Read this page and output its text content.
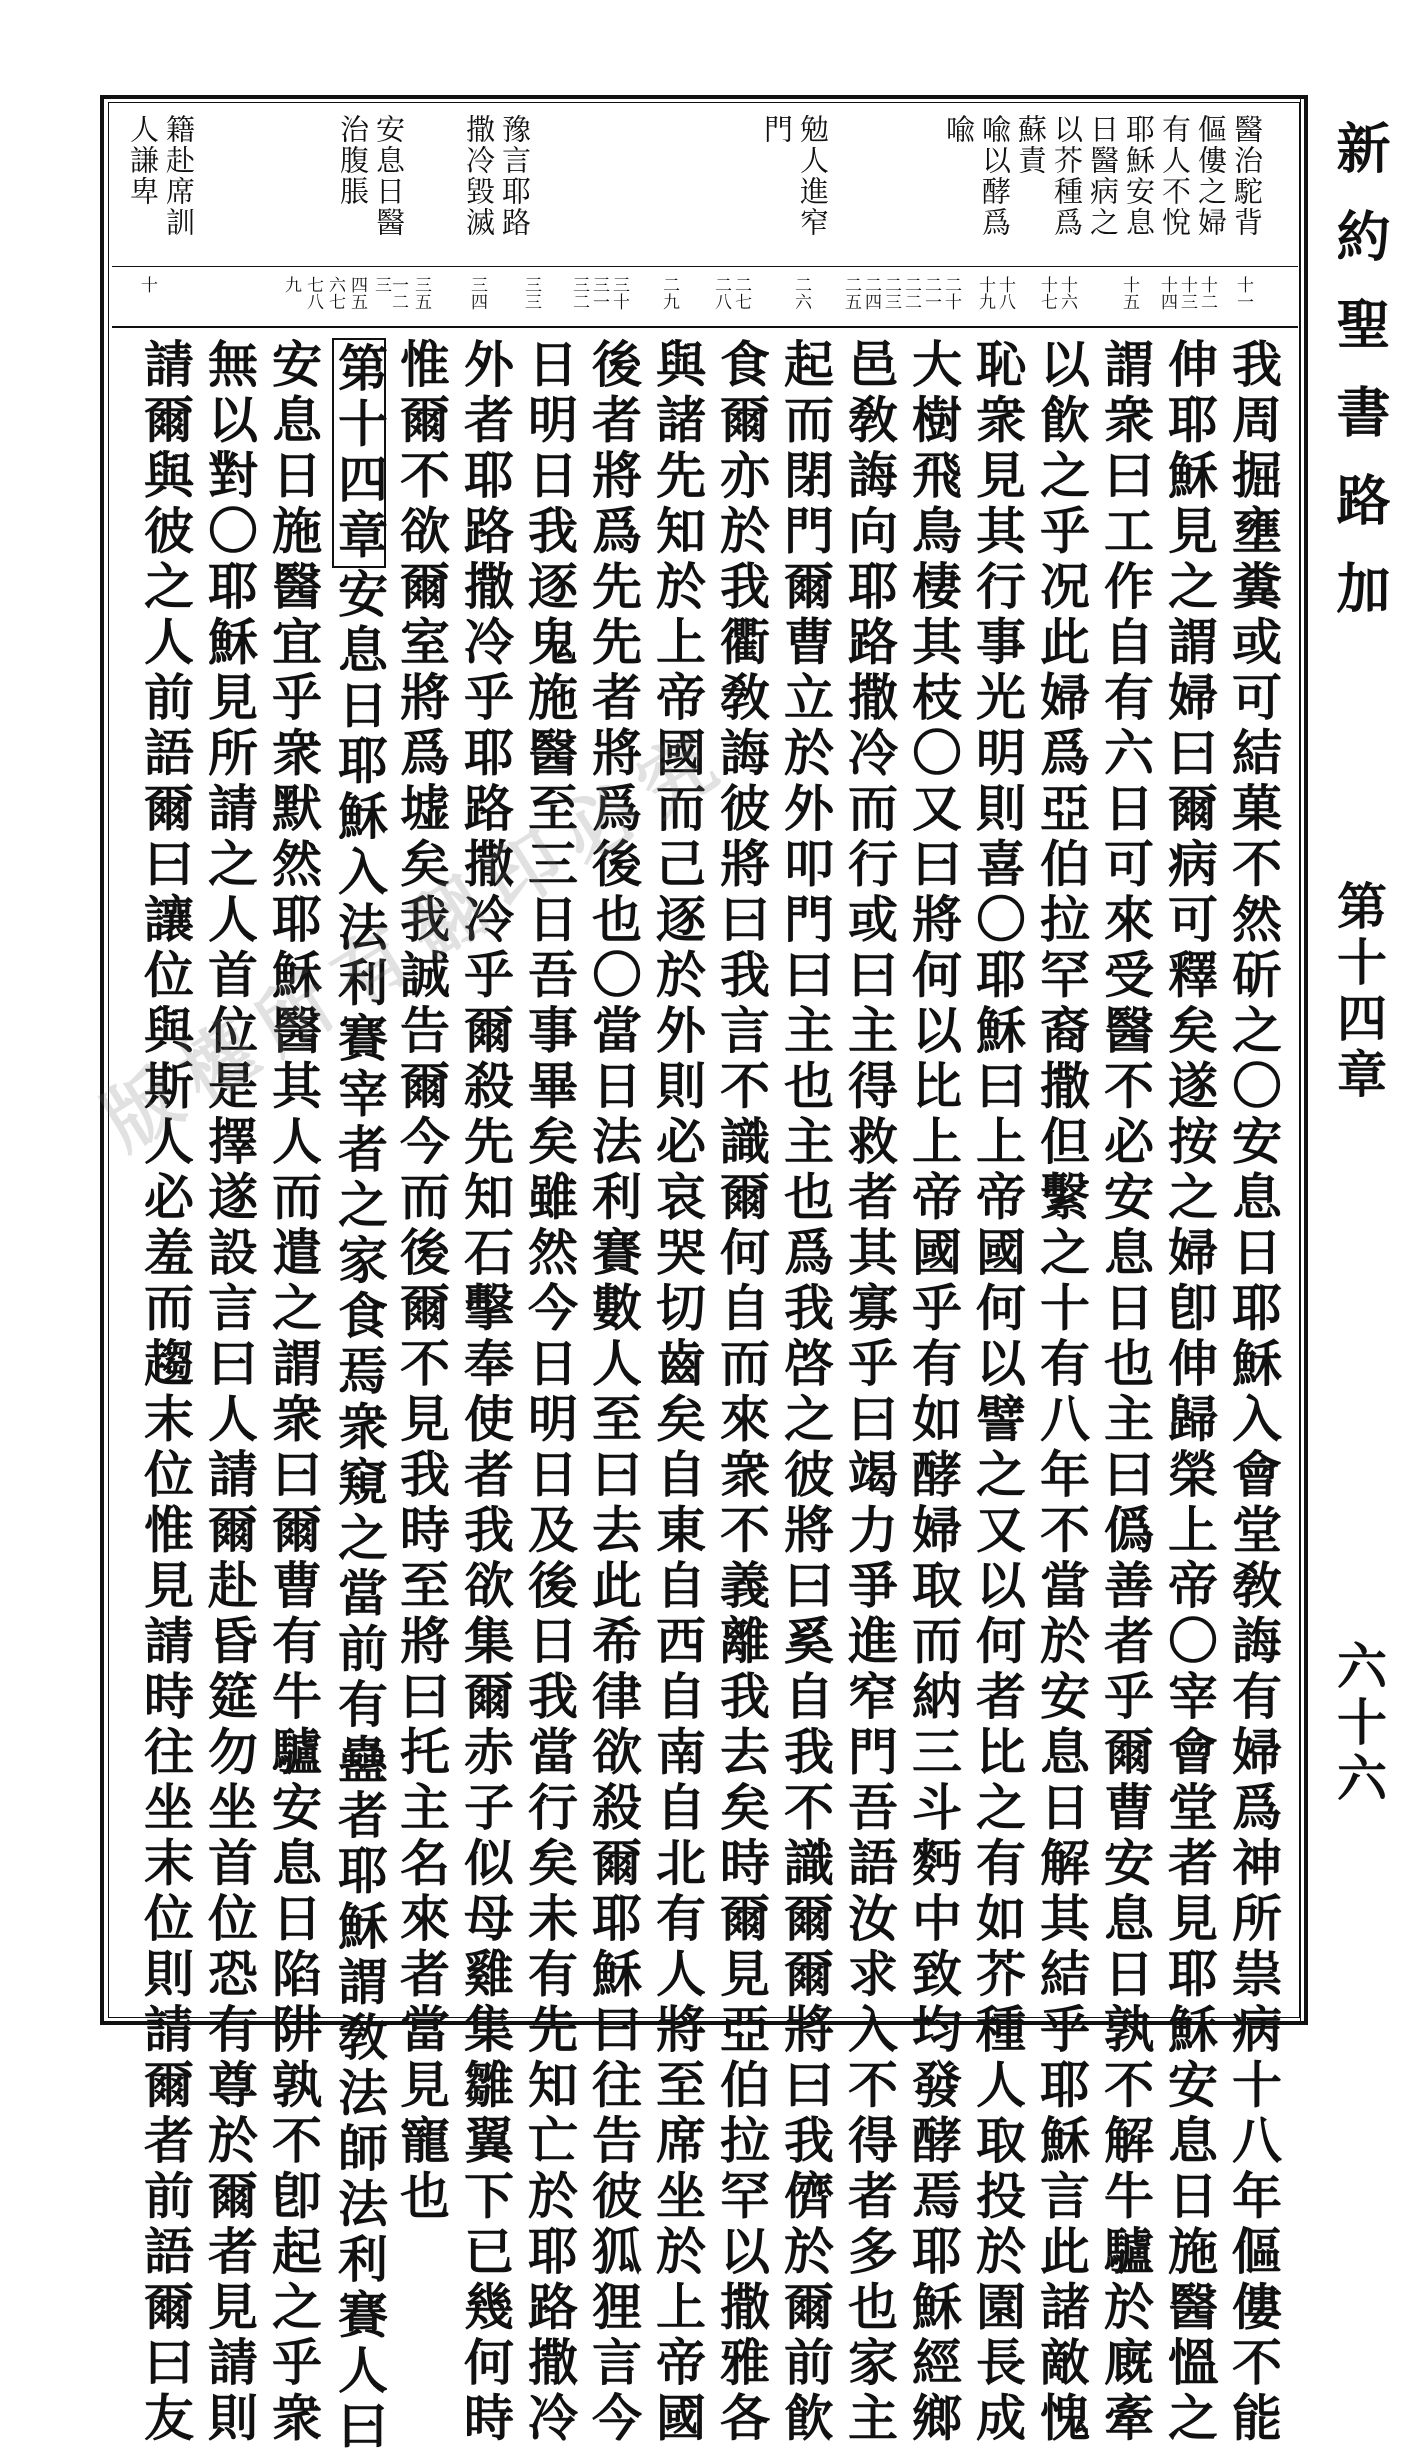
新約聖書路加
第十四章
六十六
醫治駝背
傴僂之婦
有人不悅
耶穌安息
日醫病之
以芥種爲
蘇責
喩以酵爲
喩
勉人進窄
門
豫言耶路
撒冷毀滅
安息日醫
治腹脹
籍赴席訓
人謙卑
十一
十二
十三
十四
十五
十六
十七
十八
十九
二十
二一
二二
二三
二四
二五
二六
二七
二八
二九
三十
三一
三二
三三
三四
三五
一二三
四五
六七
七八
九
十
我周掘壅糞或可結菓不然斫之〇安息日耶穌入會堂敎誨有婦爲神所祟病十八年傴僂不能
伸耶穌見之謂婦曰爾病可釋矣遂按之婦卽伸歸榮上帝〇宰會堂者見耶穌安息日施醫慍之
謂衆曰工作自有六日可來受醫不必安息日也主曰僞善者乎爾曹安息日孰不解牛驢於廐牽
以飮之乎况此婦爲亞伯拉罕裔撒但繫之十有八年不當於安息日解其結乎耶穌言此諸敵愧
恥衆見其行事光明則喜〇耶穌曰上帝國何以譬之又以何者比之有如芥種人取投於園長成
大樹飛鳥棲其枝〇又曰將何以比上帝國乎有如酵婦取而納三斗麪中致均發酵焉耶穌經鄉
邑敎誨向耶路撒冷而行或曰主得救者其寡乎曰竭力爭進窄門吾語汝求入不得者多也家主
起而閉門爾曹立於外叩門曰主也主也爲我啓之彼將曰奚自我不識爾爾將曰我儕於爾前飮
食爾亦於我衢敎誨彼將曰我言不識爾何自而來衆不義離我去矣時爾見亞伯拉罕以撒雅各
與諸先知於上帝國而己逐於外則必哀哭切齒矣自東自西自南自北有人將至席坐於上帝國
後者將爲先先者將爲後也〇當日法利賽數人至曰去此希律欲殺爾耶穌曰往告彼狐狸言今
日明日我逐鬼施醫至三日吾事畢矣雖然今日明日及後日我當行矣未有先知亡於耶路撒冷
外者耶路撒冷乎耶路撒冷乎爾殺先知石擊奉使者我欲集爾赤子似母雞集雛翼下已幾何時
惟爾不欲爾室將爲墟矣我誠告爾今而後爾不見我時至將曰托主名來者當見寵也
第十四章安息日耶穌入法利賽宰者之家食焉衆窺之當前有蠱者耶穌謂敎法師法利賽人曰
安息日施醫宜乎衆默然耶穌醫其人而遣之謂衆曰爾曹有牛驢安息日陷阱孰不卽起之乎衆
無以對〇耶穌見所請之人首位是擇遂設言曰人請爾赴昏筵勿坐首位恐有尊於爾者見請則
請爾與彼之人前語爾曰讓位與斯人必羞而趨末位惟見請時往坐末位則請爾者前語爾曰友
版權所有翻印必究
